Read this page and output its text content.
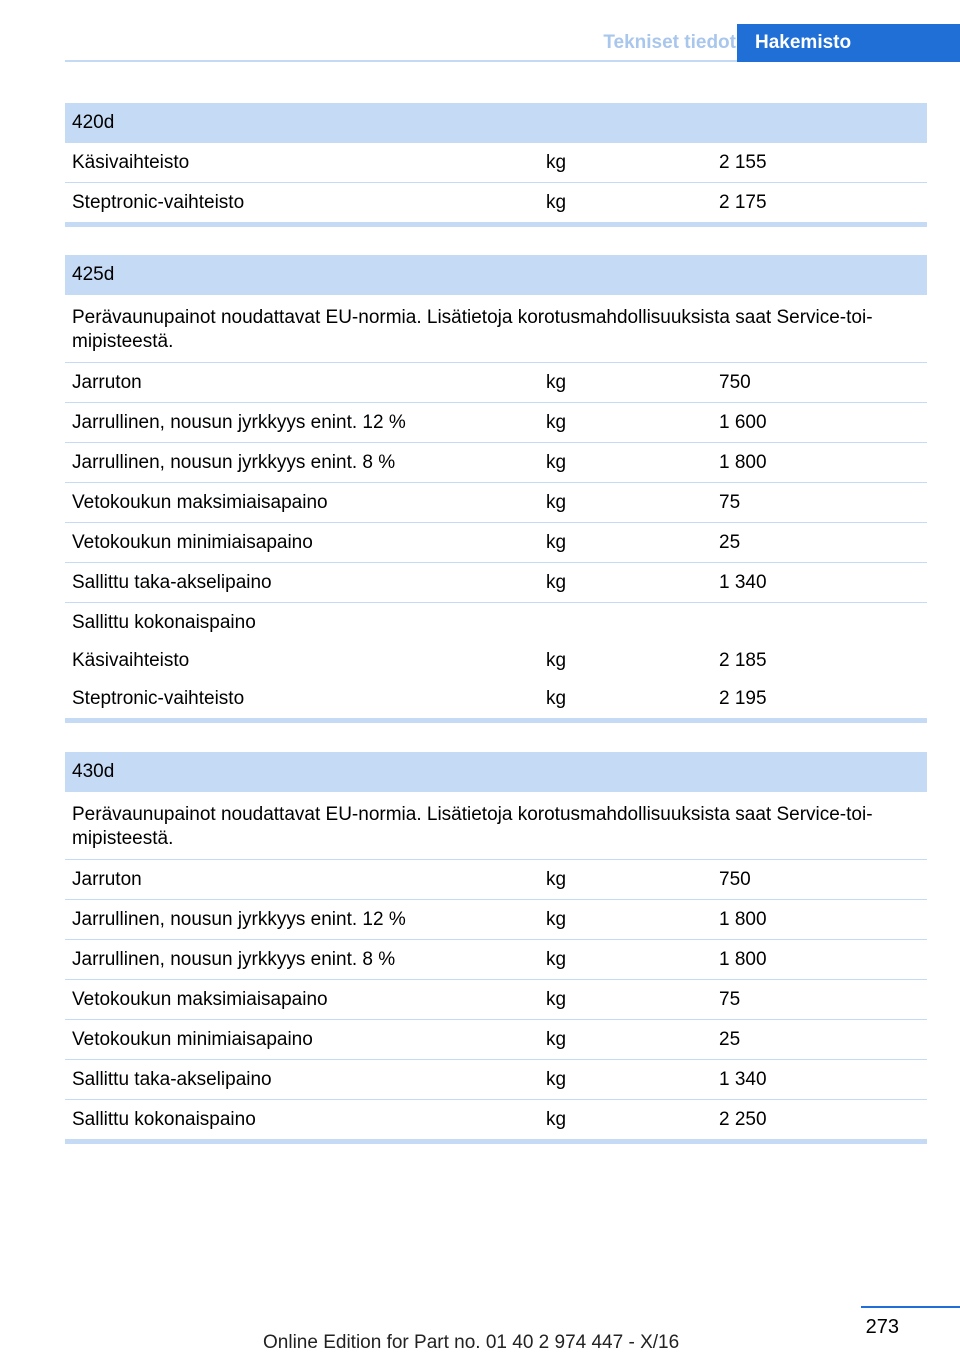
Tekniset tiedot	Hakemisto
420d
Käsivaihteisto	kg	2 155
Steptronic-vaihteisto	kg	2 175
425d
Perävaunupainot noudattavat EU-normia. Lisätietoja korotusmahdollisuuksista saat Service-toi-mipisteestä.
Jarruton	kg	750
Jarrullinen, nousun jyrkkyys enint. 12 %	kg	1 600
Jarrullinen, nousun jyrkkyys enint. 8 %	kg	1 800
Vetokoukun maksimiaisapaino	kg	75
Vetokoukun minimiaisapaino	kg	25
Sallittu taka-akselipaino	kg	1 340
Sallittu kokonaispaino
Käsivaihteisto	kg	2 185
Steptronic-vaihteisto	kg	2 195
430d
Perävaunupainot noudattavat EU-normia. Lisätietoja korotusmahdollisuuksista saat Service-toi-mipisteestä.
Jarruton	kg	750
Jarrullinen, nousun jyrkkyys enint. 12 %	kg	1 800
Jarrullinen, nousun jyrkkyys enint. 8 %	kg	1 800
Vetokoukun maksimiaisapaino	kg	75
Vetokoukun minimiaisapaino	kg	25
Sallittu taka-akselipaino	kg	1 340
Sallittu kokonaispaino	kg	2 250
273
Online Edition for Part no. 01 40 2 974 447 - X/16
